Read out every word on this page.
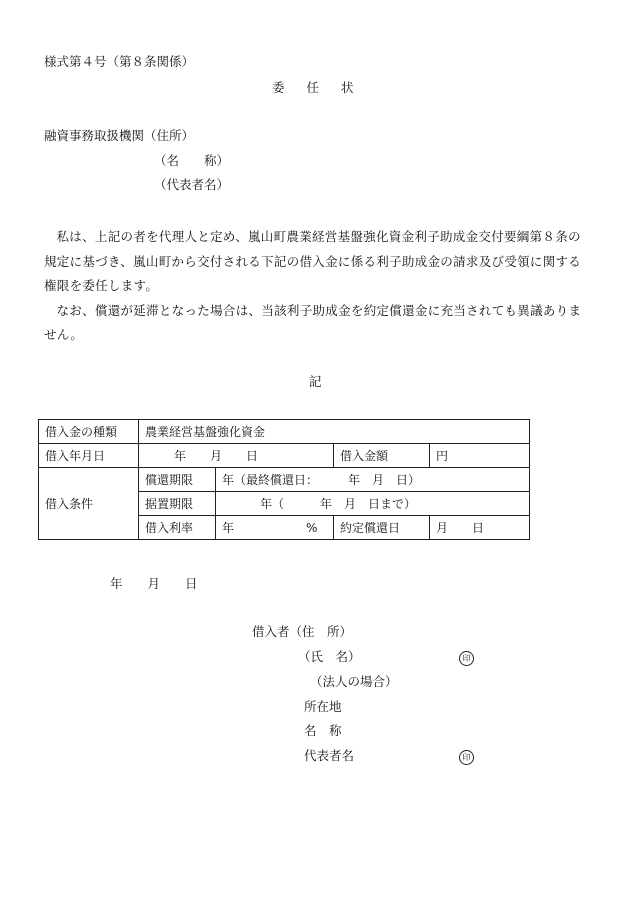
様式第４号（第８条関係）
委任状
融資事務取扱機関（住所）
（名　　称）
（代表者名）

私は、上記の者を代理人と定め、嵐山町農業経営基盤強化資金利子助成金交付要綱第８条の規定に基づき、嵐山町から交付される下記の借入金に係る利子助成金の請求及び受領に関する権限を委任します。

なお、償還が延滞となった場合は、当該利子助成金を約定償還金に充当されても異議ありません。

記
借入金の種類	農業経営基盤強化資金			
借入年月日	年　　月　　日		借入金額	円
借入条件	償還期限	年（最終償還日：　　　年　月　日）		
	据置期限	年（　　　年　月　日まで）		
	借入利率	年　　　　　　%	約定償還日	月　　日
年　　月　　日
借入者（住　所）
（氏　名）	印
（法人の場合）
所在地
名　称
代表者名	印
